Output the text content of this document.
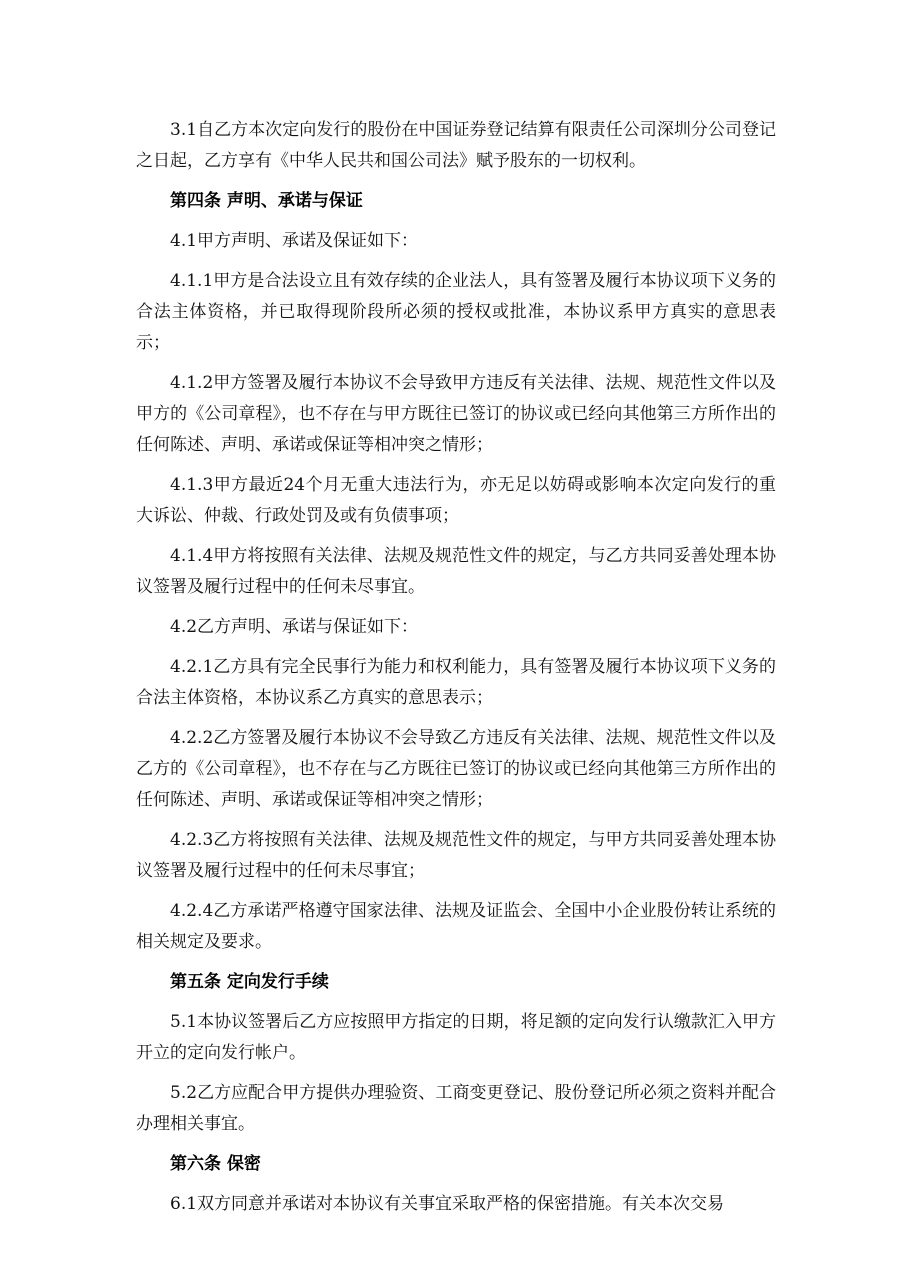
3.1自乙方本次定向发行的股份在中国证券登记结算有限责任公司深圳分公司登记之日起，乙方享有《中华人民共和国公司法》赋予股东的一切权利。

第四条 声明、承诺与保证

4.1甲方声明、承诺及保证如下：

4.1.1甲方是合法设立且有效存续的企业法人，具有签署及履行本协议项下义务的合法主体资格，并已取得现阶段所必须的授权或批准，本协议系甲方真实的意思表示；

4.1.2甲方签署及履行本协议不会导致甲方违反有关法律、法规、规范性文件以及甲方的《公司章程》，也不存在与甲方既往已签订的协议或已经向其他第三方所作出的任何陈述、声明、承诺或保证等相冲突之情形；

4.1.3甲方最近24个月无重大违法行为，亦无足以妨碍或影响本次定向发行的重大诉讼、仲裁、行政处罚及或有负债事项；

4.1.4甲方将按照有关法律、法规及规范性文件的规定，与乙方共同妥善处理本协议签署及履行过程中的任何未尽事宜。

4.2乙方声明、承诺与保证如下：

4.2.1乙方具有完全民事行为能力和权利能力，具有签署及履行本协议项下义务的合法主体资格，本协议系乙方真实的意思表示；

4.2.2乙方签署及履行本协议不会导致乙方违反有关法律、法规、规范性文件以及乙方的《公司章程》，也不存在与乙方既往已签订的协议或已经向其他第三方所作出的任何陈述、声明、承诺或保证等相冲突之情形；

4.2.3乙方将按照有关法律、法规及规范性文件的规定，与甲方共同妥善处理本协议签署及履行过程中的任何未尽事宜；

4.2.4乙方承诺严格遵守国家法律、法规及证监会、全国中小企业股份转让系统的相关规定及要求。

第五条 定向发行手续

5.1本协议签署后乙方应按照甲方指定的日期，将足额的定向发行认缴款汇入甲方开立的定向发行帐户。

5.2乙方应配合甲方提供办理验资、工商变更登记、股份登记所必须之资料并配合办理相关事宜。

第六条 保密

6.1双方同意并承诺对本协议有关事宜采取严格的保密措施。有关本次交易
